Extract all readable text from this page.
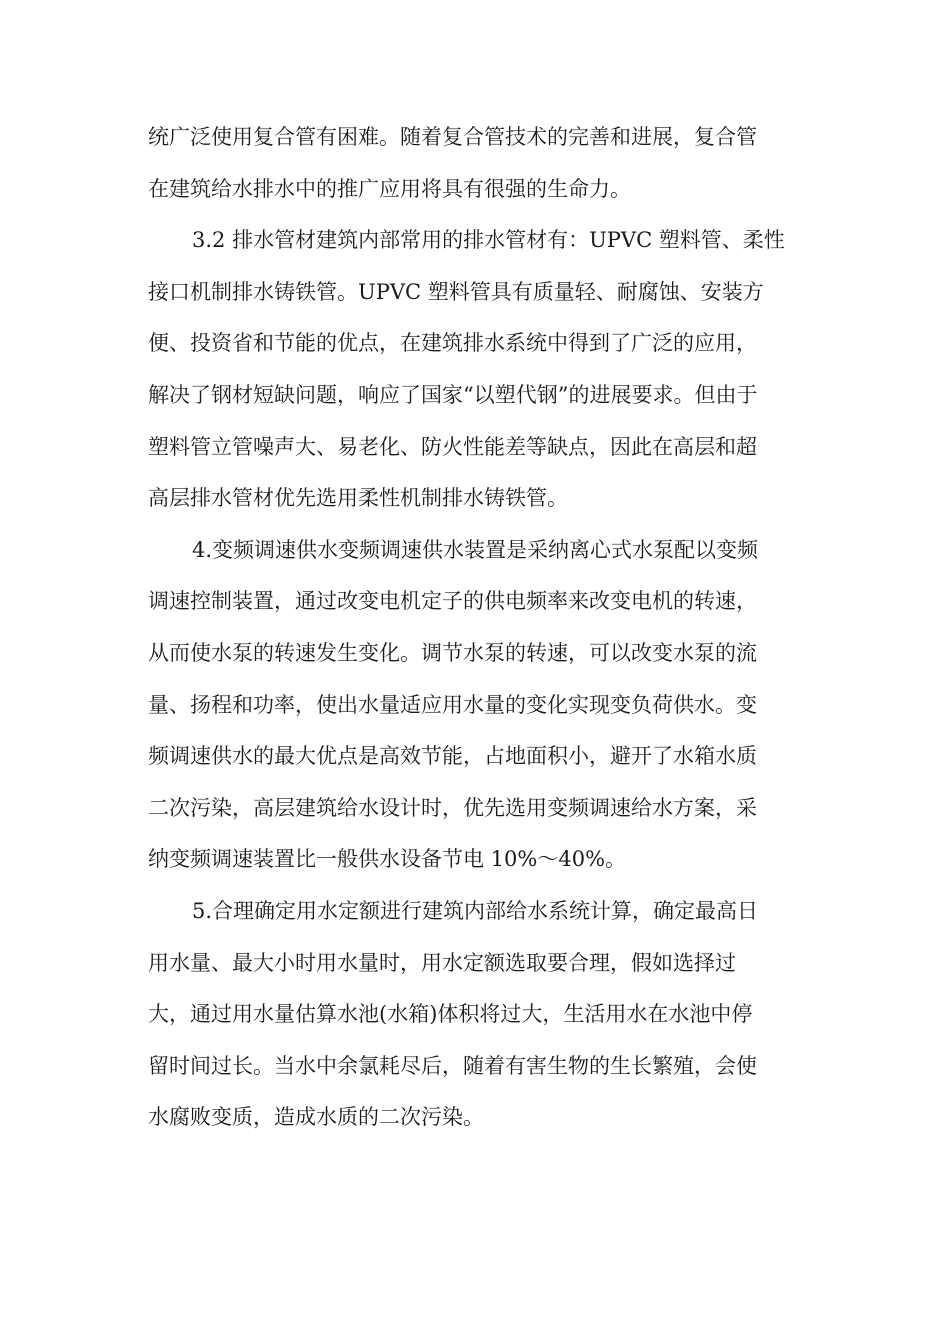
统广泛使用复合管有困难。随着复合管技术的完善和进展，复合管
在建筑给水排水中的推广应用将具有很强的生命力。
3.2 排水管材建筑内部常用的排水管材有：UPVC 塑料管、柔性
接口机制排水铸铁管。UPVC 塑料管具有质量轻、耐腐蚀、安装方
便、投资省和节能的优点，在建筑排水系统中得到了广泛的应用，
解决了钢材短缺问题，响应了国家“以塑代钢”的进展要求。但由于
塑料管立管噪声大、易老化、防火性能差等缺点，因此在高层和超
高层排水管材优先选用柔性机制排水铸铁管。
4.变频调速供水变频调速供水装置是采纳离心式水泵配以变频
调速控制装置，通过改变电机定子的供电频率来改变电机的转速，
从而使水泵的转速发生变化。调节水泵的转速，可以改变水泵的流
量、扬程和功率，使出水量适应用水量的变化实现变负荷供水。变
频调速供水的最大优点是高效节能，占地面积小，避开了水箱水质
二次污染，高层建筑给水设计时，优先选用变频调速给水方案，采
纳变频调速装置比一般供水设备节电 10%～40%。
5.合理确定用水定额进行建筑内部给水系统计算，确定最高日
用水量、最大小时用水量时，用水定额选取要合理，假如选择过
大，通过用水量估算水池(水箱)体积将过大，生活用水在水池中停
留时间过长。当水中余氯耗尽后，随着有害生物的生长繁殖，会使
水腐败变质，造成水质的二次污染。
